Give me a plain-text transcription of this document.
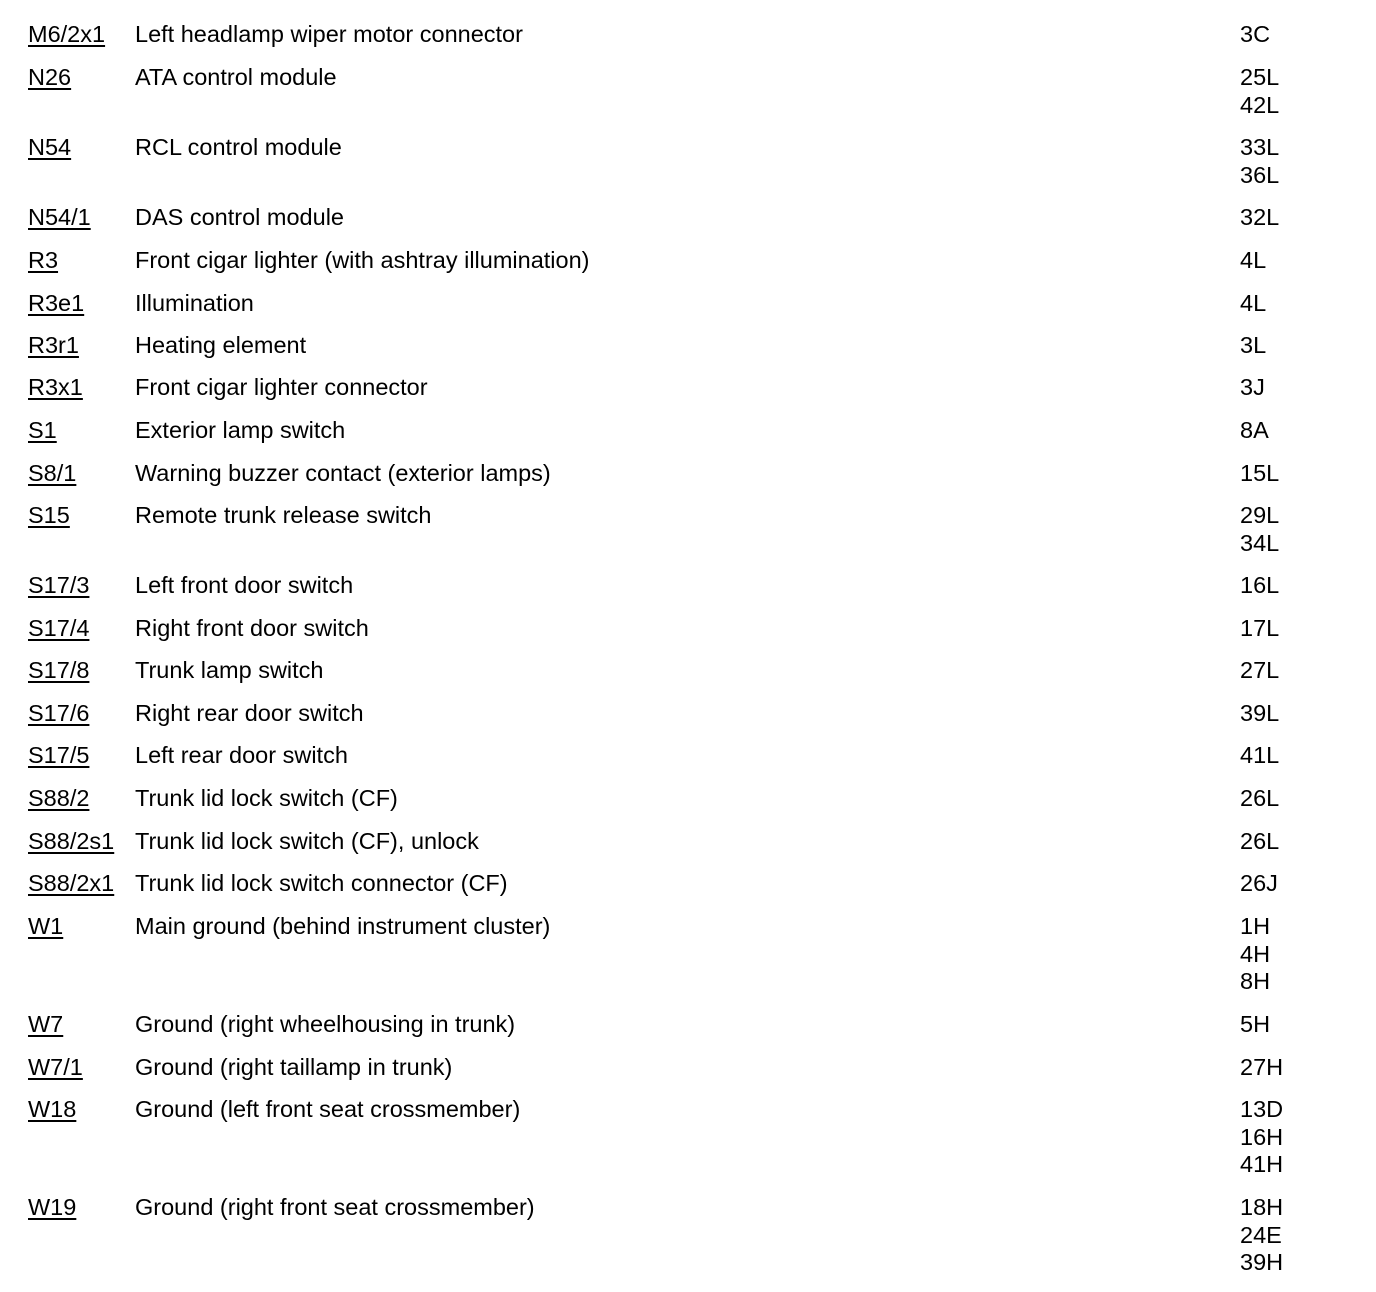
M6/2x1 Left headlamp wiper motor connector	3C
N26	ATA control module	25L
42L
N54	RCL control module	33L
36L
N54/1 DAS control module	32L
R3	Front cigar lighter (with ashtray illumination)	4L
R3e1 Illumination	4L
R3r1 Heating element	3L
R3x1 Front cigar lighter connector	3J
S1	Exterior lamp switch	8A
S8/1 Warning buzzer contact (exterior lamps)	15L
S15	Remote trunk release switch	29L
34L
S17/3 Left front door switch	16L
S17/4 Right front door switch	17L
S17/8 Trunk lamp switch	27L
S17/6 Right rear door switch	39L
S17/5 Left rear door switch	41L
S88/2 Trunk lid lock switch (CF)	26L
S88/2s1 Trunk lid lock switch (CF), unlock	26L
S88/2x1 Trunk lid lock switch connector (CF)	26J
W1	Main ground (behind instrument cluster)	1H
4H
8H
W7	Ground (right wheelhousing in trunk)	5H
W7/1 Ground (right taillamp in trunk)	27H
W18 Ground (left front seat crossmember)	13D
16H
41H
W19 Ground (right front seat crossmember)	18H
24E
39H
